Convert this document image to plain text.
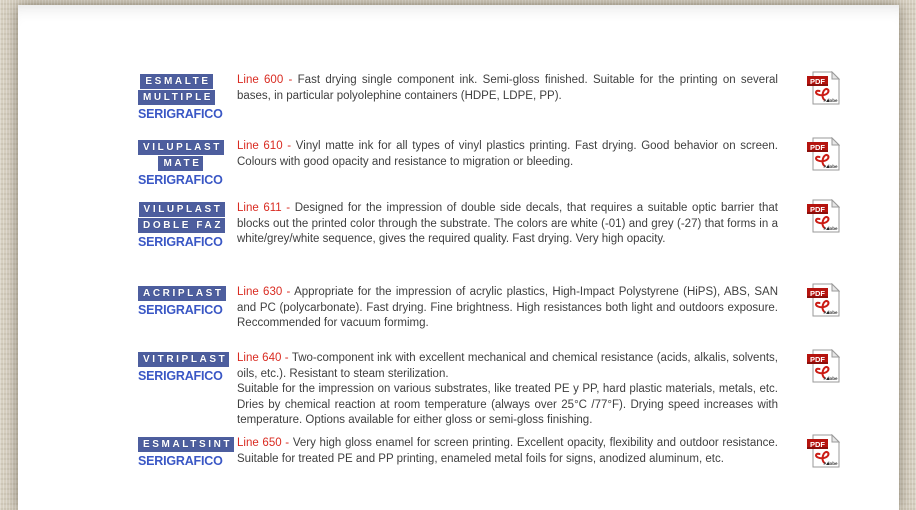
ESMALTE
MULTIPLE
SERIGRAFICO

Line 600 - Fast drying single component ink. Semi-gloss finished. Suitable for the printing on several bases, in particular polyolephine containers (HDPE, LDPE, PP).

PDF
Adobe
VILUPLAST
MATE
SERIGRAFICO

Line 610 - Vinyl matte ink for all types of vinyl plastics printing. Fast drying. Good behavior on screen. Colours with good opacity and resistance to migration or bleeding.

PDF
Adobe
VILUPLAST
DOBLE FAZ
SERIGRAFICO

Line 611 - Designed for the impression of double side decals, that requires a suitable optic barrier that blocks out the printed color through the substrate. The colors are white (-01) and grey (-27) that forms in a white/grey/white sequence, gives the required quality. Fast drying. Very high opacity.

PDF
Adobe
ACRIPLAST
SERIGRAFICO

Line 630 - Appropriate for the impression of acrylic plastics, High-Impact Polystyrene (HiPS), ABS, SAN and PC (polycarbonate). Fast drying. Fine brightness. High resistances both light and outdoors exposure. Reccommended for vacuum formimg.

PDF
Adobe
VITRIPLAST
SERIGRAFICO

Line 640 - Two-component ink with excellent mechanical and chemical resistance (acids, alkalis, solvents, oils, etc.). Resistant to steam sterilization.

Suitable for the impression on various substrates, like treated PE y PP, hard plastic materials, metals, etc. Dries by chemical reaction at room temperature (always over 25°C /77°F). Drying speed increases with temperature. Options available for either gloss or semi-gloss finishing.

PDF
Adobe
ESMALTSINT
SERIGRAFICO

Line 650 - Very high gloss enamel for screen printing. Excellent opacity, flexibility and outdoor resistance. Suitable for treated PE and PP printing, enameled metal foils for signs, anodized aluminum, etc.

PDF
Adobe
